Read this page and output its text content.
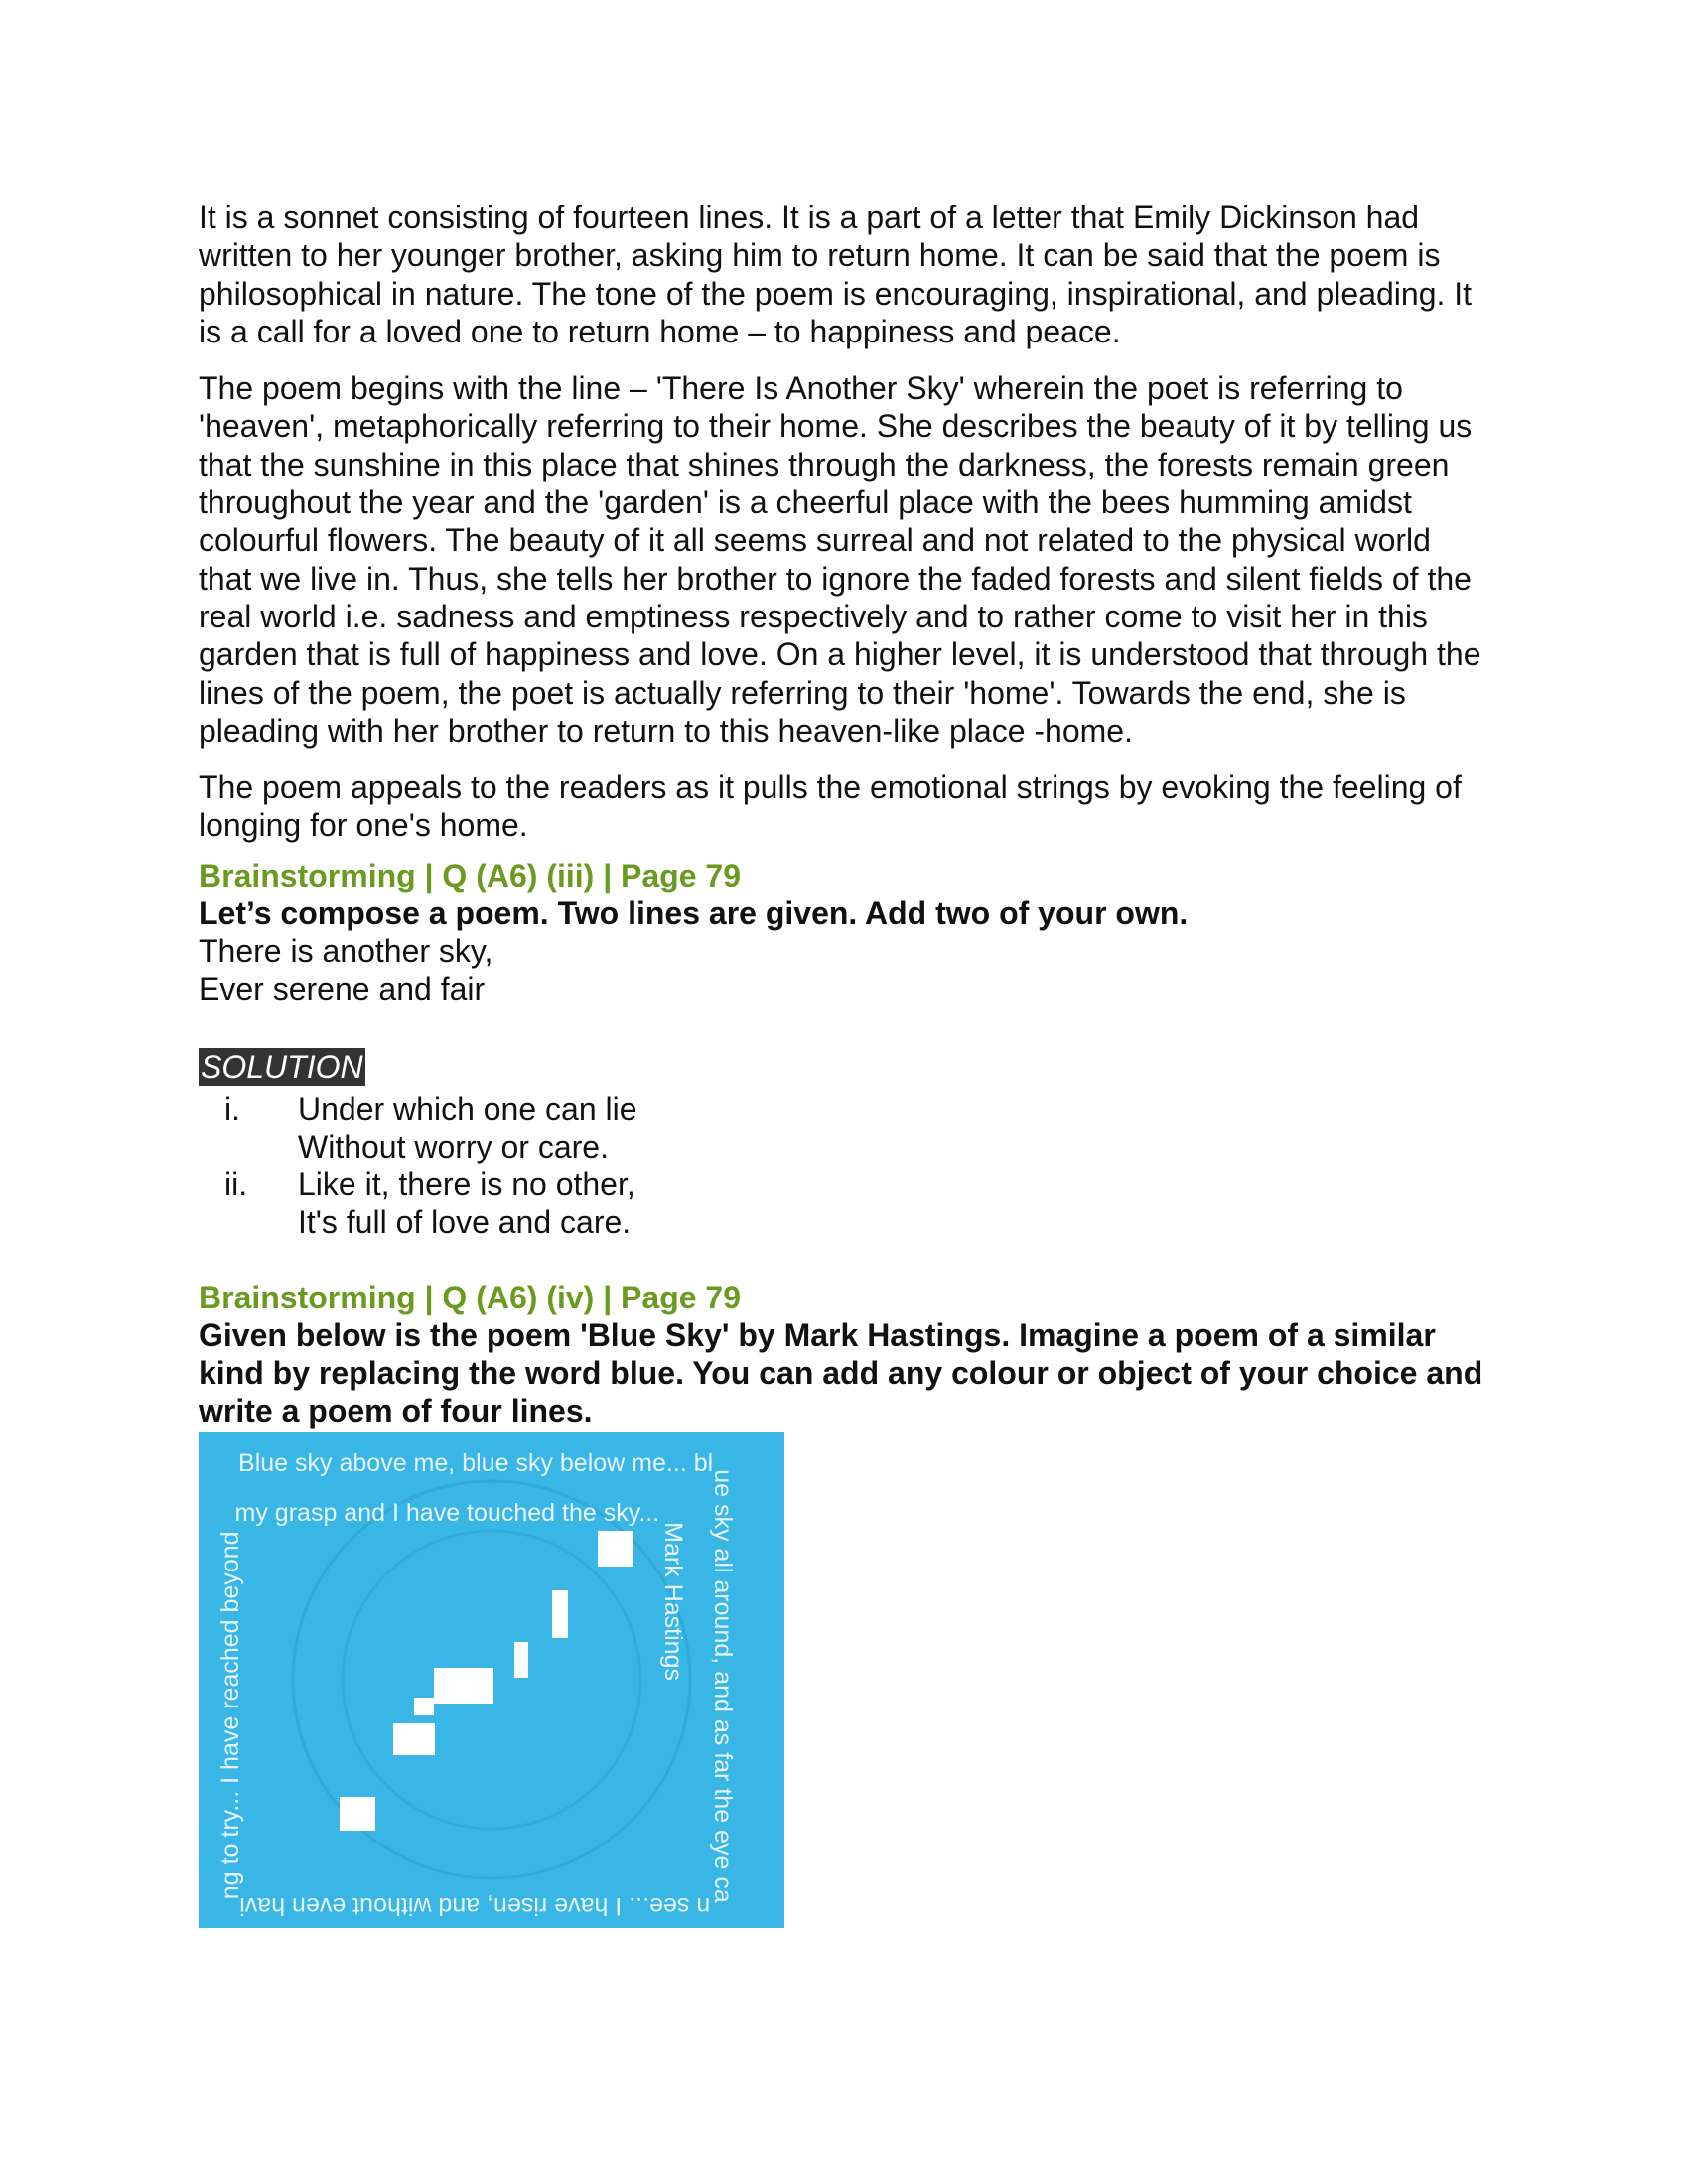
It is a sonnet consisting of fourteen lines. It is a part of a letter that Emily Dickinson had written to her younger brother, asking him to return home. It can be said that the poem is philosophical in nature. The tone of the poem is encouraging, inspirational, and pleading. It is a call for a loved one to return home – to happiness and peace.

The poem begins with the line – 'There Is Another Sky' wherein the poet is referring to 'heaven', metaphorically referring to their home. She describes the beauty of it by telling us that the sunshine in this place that shines through the darkness, the forests remain green throughout the year and the 'garden' is a cheerful place with the bees humming amidst colourful flowers. The beauty of it all seems surreal and not related to the physical world that we live in. Thus, she tells her brother to ignore the faded forests and silent fields of the real world i.e. sadness and emptiness respectively and to rather come to visit her in this garden that is full of happiness and love. On a higher level, it is understood that through the lines of the poem, the poet is actually referring to their 'home'. Towards the end, she is pleading with her brother to return to this heaven-like place -home.

The poem appeals to the readers as it pulls the emotional strings by evoking the feeling of longing for one's home.

Brainstorming | Q (A6) (iii) | Page 79
Let’s compose a poem. Two lines are given. Add two of your own.
There is another sky,
Ever serene and fair
SOLUTION
i.	Under which one can lie
Without worry or care.
ii.	Like it, there is no other,
It's full of love and care.
Brainstorming | Q (A6) (iv) | Page 79
Given below is the poem 'Blue Sky' by Mark Hastings. Imagine a poem of a similar kind by replacing the word blue. You can add any colour or object of your choice and write a poem of four lines.
Blue sky above me, blue sky below me... blue sky all around, and as far the eye can see... I have risen, and without even having to try... I have reached beyond my grasp and I have touched the sky... Mark Hastings
